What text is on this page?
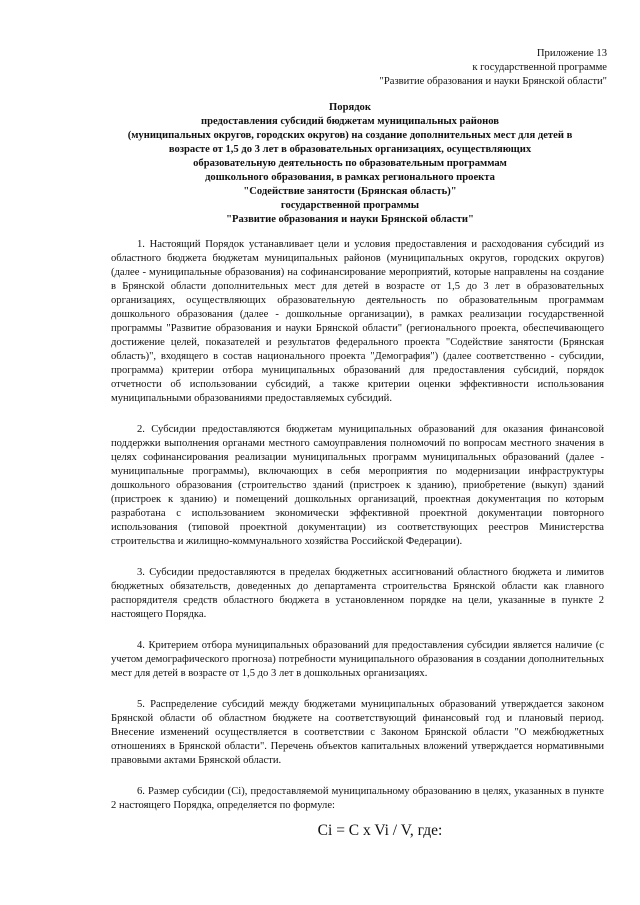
Приложение 13
к государственной программе
"Развитие образования и науки Брянской области"
Порядок
предоставления субсидий бюджетам муниципальных районов
(муниципальных округов, городских округов) на создание дополнительных мест для детей в
возрасте от 1,5 до 3 лет в образовательных организациях, осуществляющих
образовательную деятельность по образовательным программам
дошкольного образования, в рамках регионального проекта
"Содействие занятости (Брянская область)"
государственной программы
"Развитие образования и науки Брянской области"

1. Настоящий Порядок устанавливает цели и условия предоставления и расходования субсидий из областного бюджета бюджетам муниципальных районов (муниципальных округов, городских округов) (далее - муниципальные образования) на софинансирование мероприятий, которые направлены на создание в Брянской области дополнительных мест для детей в возрасте от 1,5 до 3 лет в образовательных организациях, осуществляющих образовательную деятельность по образовательным программам дошкольного образования (далее - дошкольные организации), в рамках реализации государственной программы "Развитие образования и науки Брянской области" (регионального проекта, обеспечивающего достижение целей, показателей и результатов федерального проекта "Содействие занятости (Брянская область)", входящего в состав национального проекта "Демография") (далее соответственно - субсидии, программа) критерии отбора муниципальных образований для предоставления субсидий, порядок отчетности об использовании субсидий, а также критерии оценки эффективности использования муниципальными образованиями предоставляемых субсидий.

2. Субсидии предоставляются бюджетам муниципальных образований для оказания финансовой поддержки выполнения органами местного самоуправления полномочий по вопросам местного значения в целях софинансирования реализации муниципальных программ муниципальных образований (далее - муниципальные программы), включающих в себя мероприятия по модернизации инфраструктуры дошкольного образования (строительство зданий (пристроек к зданию), приобретение (выкуп) зданий (пристроек к зданию) и помещений дошкольных организаций, проектная документация по которым разработана с использованием экономически эффективной проектной документации повторного использования (типовой проектной документации) из соответствующих реестров Министерства строительства и жилищно-коммунального хозяйства Российской Федерации).

3. Субсидии предоставляются в пределах бюджетных ассигнований областного бюджета и лимитов бюджетных обязательств, доведенных до департамента строительства Брянской области как главного распорядителя средств областного бюджета в установленном порядке на цели, указанные в пункте 2 настоящего Порядка.

4. Критерием отбора муниципальных образований для предоставления субсидии является наличие (с учетом демографического прогноза) потребности муниципального образования в создании дополнительных мест для детей в возрасте от 1,5 до 3 лет в дошкольных организациях.

5. Распределение субсидий между бюджетами муниципальных образований утверждается законом Брянской области об областном бюджете на соответствующий финансовый год и плановый период. Внесение изменений осуществляется в соответствии с Законом Брянской области "О межбюджетных отношениях в Брянской области". Перечень объектов капитальных вложений утверждается нормативными правовыми актами Брянской области.

6. Размер субсидии (Ci), предоставляемой муниципальному образованию в целях, указанных в пункте 2 настоящего Порядка, определяется по формуле:

Ci = C x Vi / V, где:
